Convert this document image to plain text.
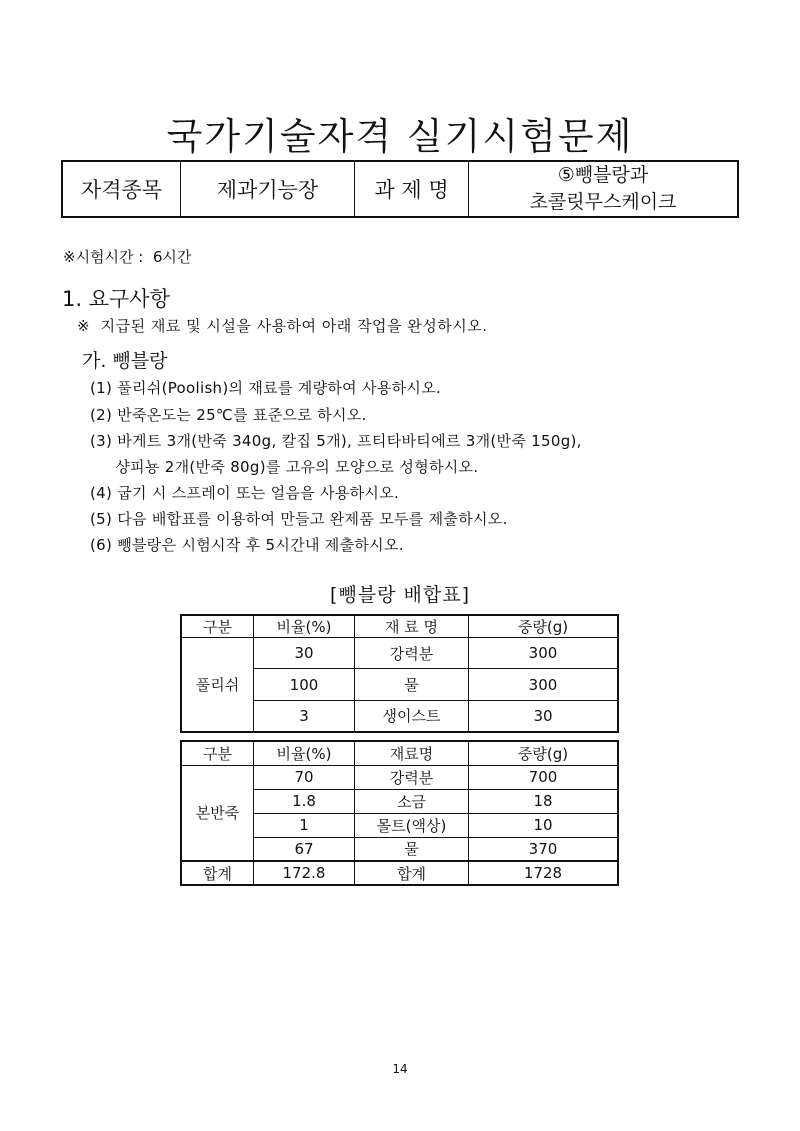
국가기술자격 실기시험문제
자격종목	제과기능장	과 제 명	
⑤뺑블랑과
초콜릿무스케이크
※시험시간 :  6시간
1. 요구사항
※  지급된 재료 및 시설을 사용하여 아래 작업을 완성하시오.
가. 뺑블랑
(1) 풀리쉬(Poolish)의 재료를 계량하여 사용하시오.
(2) 반죽온도는 25℃를 표준으로 하시오.
(3) 바게트 3개(반죽 340g, 칼집 5개), 프티타바티에르 3개(반죽 150g),
샹피뇽 2개(반죽 80g)를 고유의 모양으로 성형하시오.
(4) 굽기 시 스프레이 또는 얼음을 사용하시오.
(5) 다음 배합표를 이용하여 만들고 완제품 모두를 제출하시오.
(6) 뺑블랑은 시험시작 후 5시간내 제출하시오.
[뺑블랑 배합표]
구분	비율(%)	재 료 명	중량(g)
풀리쉬	30	강력분	300
	100	물	300
	3	생이스트	30
구분	비율(%)	재료명	중량(g)
본반죽	70	강력분	700
	1.8	소금	18
	1	몰트(액상)	10
	67	물	370
합계	172.8	합계	1728
14
